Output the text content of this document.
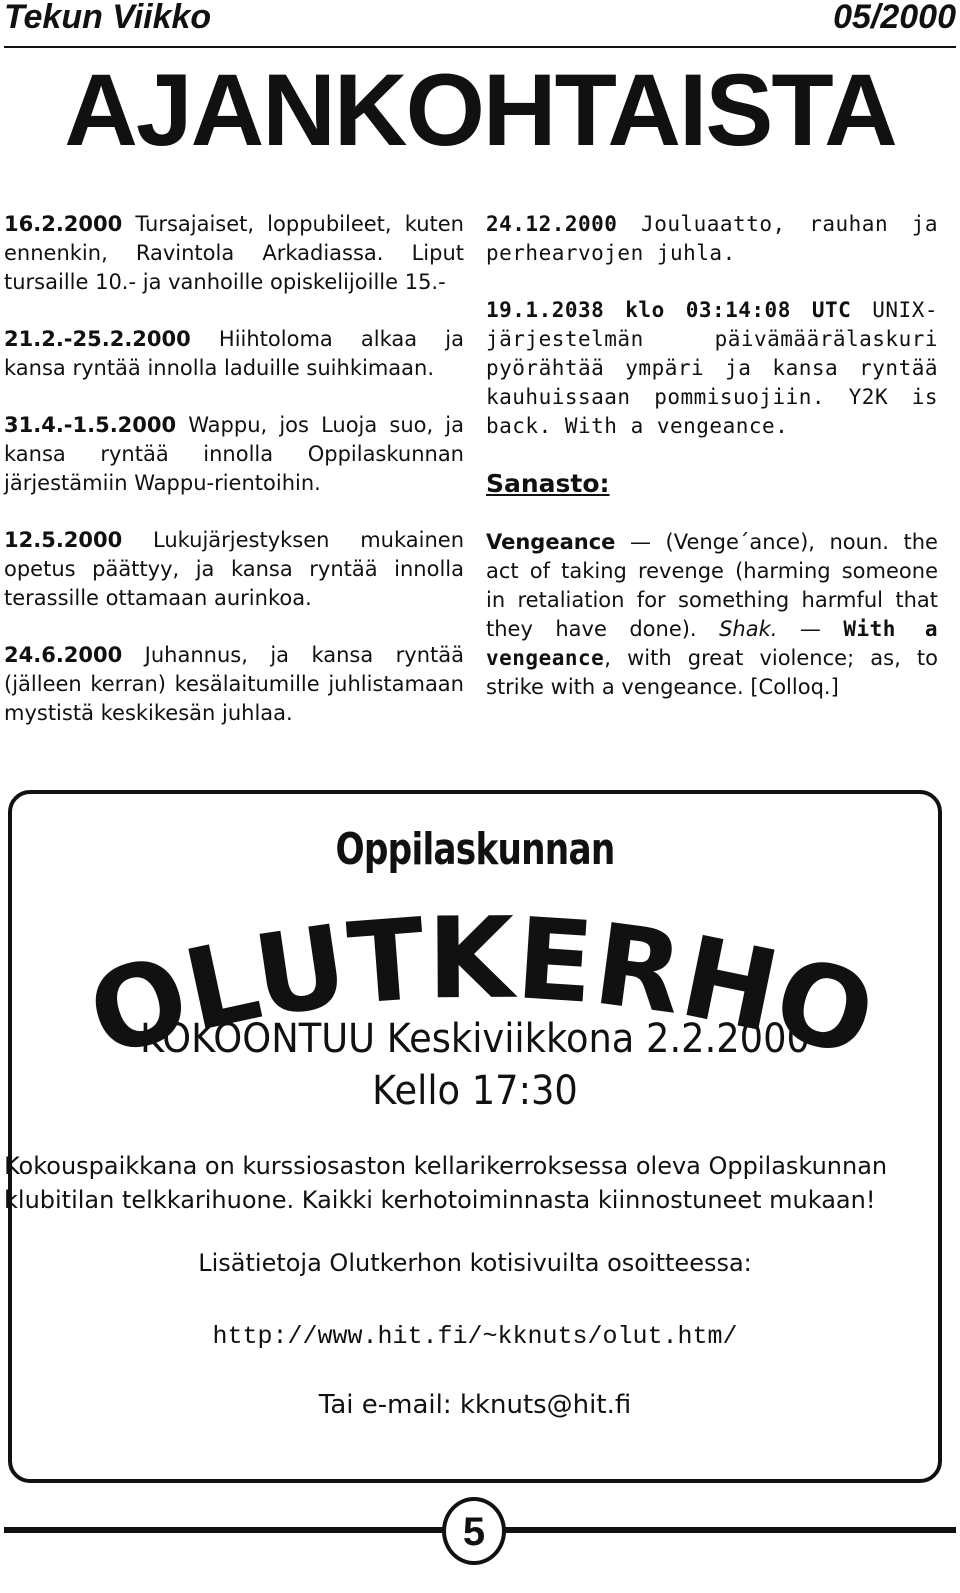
Tekun Viikko	05/2000
AJANKOHTAISTA

16.2.2000 Tursajaiset, loppubileet, kuten ennenkin, Ravintola Arkadiassa. Liput tursaille 10.- ja vanhoille opiskelijoille 15.-

21.2.-25.2.2000 Hiihtoloma alkaa ja kansa ryntää innolla laduille suihkimaan.

31.4.-1.5.2000 Wappu, jos Luoja suo, ja kansa ryntää innolla Oppilaskunnan järjestämiin Wappu-rientoihin.

12.5.2000 Lukujärjestyksen mukainen opetus päättyy, ja kansa ryntää innolla terassille ottamaan aurinkoa.

24.6.2000 Juhannus, ja kansa ryntää (jälleen kerran) kesälaitumille juhlistamaan mystistä keskikesän juhlaa.

24.12.2000 Jouluaatto, rauhan ja perhearvojen juhla.

19.1.2038 klo 03:14:08 UTC UNIX-järjestelmän päivämäärälaskuri pyörähtää ympäri ja kansa ryntää kauhuissaan pommisuojiin. Y2K is back. With a vengeance.

Sanasto:

Vengeance — (Venge´ance), noun. the act of taking revenge (harming someone in retaliation for something harmful that they have done). Shak. — With a vengeance, with great violence; as, to strike with a vengeance. [Colloq.]

Oppilaskunnan
OLUTKERHO
KOKOONTUU Keskiviikkona 2.2.2000
Kello 17:30
Kokouspaikkana on kurssiosaston kellarikerroksessa oleva Oppilaskunnan klubitilan telkkarihuone. Kaikki kerhotoiminnasta kiinnostuneet mukaan!
Lisätietoja Olutkerhon kotisivuilta osoitteessa:
http://www.hit.fi/~kknuts/olut.htm/
Tai e-mail: kknuts@hit.fi
5
